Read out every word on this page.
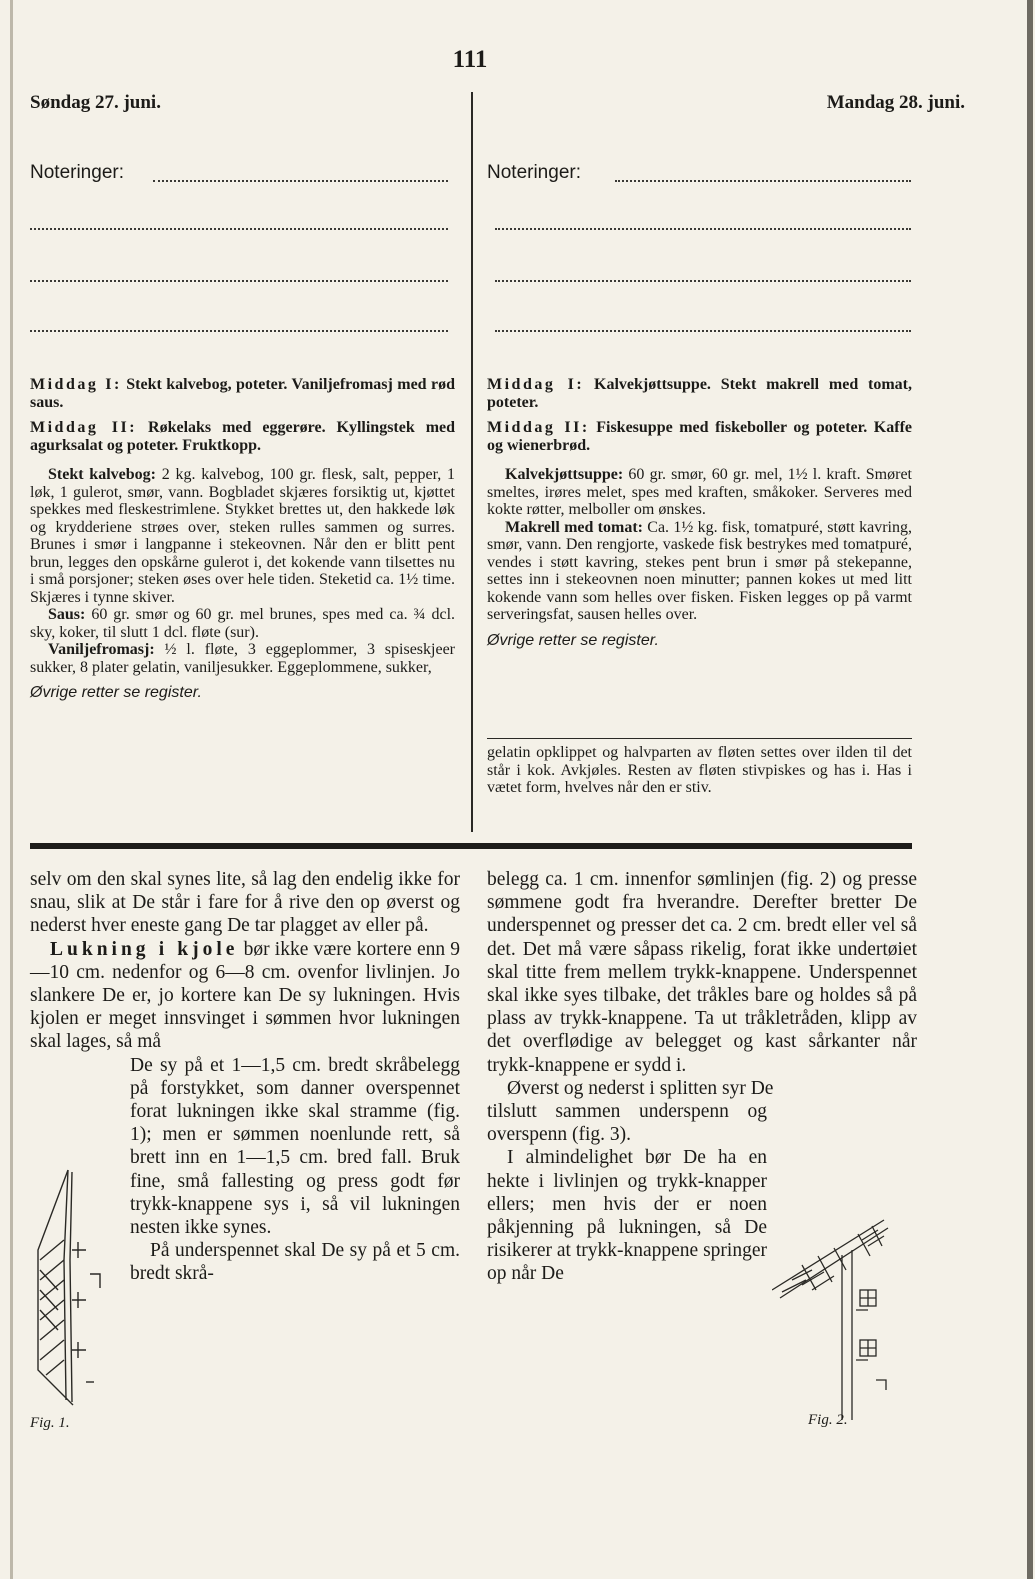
111
Søndag 27. juni.
Noteringer:

Middag I: Stekt kalvebog, poteter. Vaniljefromasj med rød saus.

Middag II: Røkelaks med eggerøre. Kyllingstek med agurksalat og poteter. Fruktkopp.

Stekt kalvebog: 2 kg. kalvebog, 100 gr. flesk, salt, pepper, 1 løk, 1 gulerot, smør, vann. Bogbladet skjæres forsiktig ut, kjøttet spekkes med fleskestrimlene. Stykket brettes ut, den hakkede løk og krydderiene strøes over, steken rulles sammen og surres. Brunes i smør i langpanne i stekeovnen. Når den er blitt pent brun, legges den opskårne gulerot i, det kokende vann tilsettes nu i små porsjoner; steken øses over hele tiden. Steketid ca. 1½ time. Skjæres i tynne skiver.

Saus: 60 gr. smør og 60 gr. mel brunes, spes med ca. ¾ dcl. sky, koker, til slutt 1 dcl. fløte (sur).

Vaniljefromasj: ½ l. fløte, 3 eggeplommer, 3 spiseskjeer sukker, 8 plater gelatin, vaniljesukker. Eggeplommene, sukker,

Øvrige retter se register.

Mandag 28. juni.
Noteringer:

Middag I: Kalvekjøttsuppe. Stekt makrell med tomat, poteter.

Middag II: Fiskesuppe med fiskeboller og poteter. Kaffe og wienerbrød.

Kalvekjøttsuppe: 60 gr. smør, 60 gr. mel, 1½ l. kraft. Smøret smeltes, irøres melet, spes med kraften, småkoker. Serveres med kokte røtter, melboller om ønskes.

Makrell med tomat: Ca. 1½ kg. fisk, tomatpuré, støtt kavring, smør, vann. Den rengjorte, vaskede fisk bestrykes med tomatpuré, vendes i støtt kavring, stekes pent brun i smør på stekepanne, settes inn i stekeovnen noen minutter; pannen kokes ut med litt kokende vann som helles over fisken. Fisken legges op på varmt serveringsfat, sausen helles over.

Øvrige retter se register.

gelatin opklippet og halvparten av fløten settes over ilden til det står i kok. Avkjøles. Resten av fløten stivpiskes og has i. Has i vætet form, hvelves når den er stiv.

selv om den skal synes lite, så lag den endelig ikke for snau, slik at De står i fare for å rive den op øverst og nederst hver eneste gang De tar plagget av eller på.

Lukning i kjole bør ikke være kortere enn 9—10 cm. nedenfor og 6—8 cm. ovenfor livlinjen. Jo slankere De er, jo kortere kan De sy lukningen. Hvis kjolen er meget innsvinget i sømmen hvor lukningen skal lages, så må

De sy på et 1—1,5 cm. bredt skråbelegg på forstykket, som danner overspennet forat lukningen ikke skal stramme (fig. 1); men er sømmen noenlunde rett, så brett inn en 1—1,5 cm. bred fall. Bruk fine, små fallesting og press godt før trykk-knappene sys i, så vil lukningen nesten ikke synes.

På underspennet skal De sy på et 5 cm. bredt skrå-

Fig. 1.

belegg ca. 1 cm. innenfor sømlinjen (fig. 2) og presse sømmene godt fra hverandre. Derefter bretter De underspennet og presser det ca. 2 cm. bredt eller vel så det. Det må være såpass rikelig, forat ikke undertøiet skal titte frem mellem trykk-knappene. Underspennet skal ikke syes tilbake, det tråkles bare og holdes så på plass av trykk-knappene. Ta ut tråkletråden, klipp av det overflødige av belegget og kast sårkanter når trykk-knappene er sydd i.

Øverst og nederst i splitten syr De

tilslutt sammen underspenn og overspenn (fig. 3).

I almindelighet bør De ha en hekte i livlinjen og trykk-knapper ellers; men hvis der er noen påkjenning på lukningen, så De risikerer at trykk-knappene springer op når De

Fig. 2.
